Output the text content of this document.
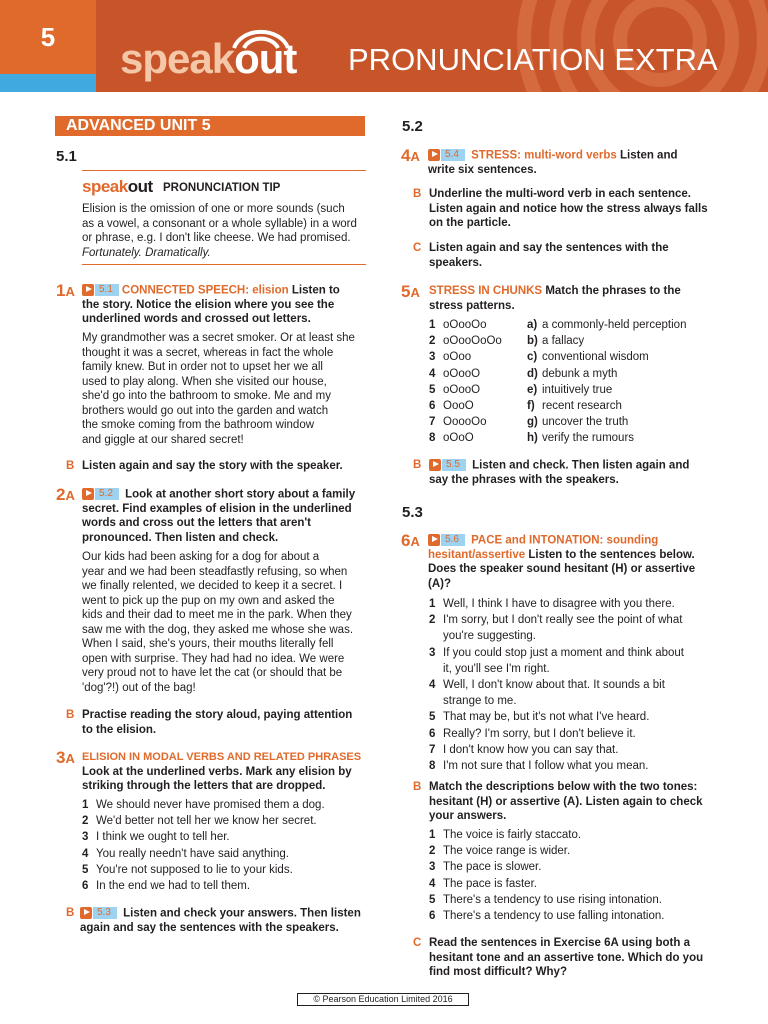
5	speakout PRONUNCIATION EXTRA
ADVANCED UNIT 5
5.1
speakout PRONUNCIATION TIP
Elision is the omission of one or more sounds (such
as a vowel, a consonant or a whole syllable) in a word
or phrase, e.g. I don't like cheese. We had promised.
Fortunately. Dramatically.
1A	5.1 CONNECTED SPEECH: elision Listen to
the story. Notice the elision where you see the
underlined words and crossed out letters.
My grandmother was a secret smoker. Or at least she
thought it was a secret, whereas in fact the whole
family knew. But in order not to upset her we all
used to play along. When she visited our house,
she'd go into the bathroom to smoke. Me and my
brothers would go out into the garden and watch
the smoke coming from the bathroom window
and giggle at our shared secret!
B Listen again and say the story with the speaker.
2A	5.2 Look at another short story about a family
secret. Find examples of elision in the underlined
words and cross out the letters that aren't
pronounced. Then listen and check.
Our kids had been asking for a dog for about a
year and we had been steadfastly refusing, so when
we finally relented, we decided to keep it a secret. I
went to pick up the pup on my own and asked the
kids and their dad to meet me in the park. When they
saw me with the dog, they asked me whose she was.
When I said, she's yours, their mouths literally fell
open with surprise. They had had no idea. We were
very proud not to have let the cat (or should that be
'dog'?!) out of the bag!
B Practise reading the story aloud, paying attention
to the elision.
3A ELISION IN MODAL VERBS AND RELATED PHRASES
Look at the underlined verbs. Mark any elision by
striking through the letters that are dropped.
1 We should never have promised them a dog.
2 We'd better not tell her we know her secret.
3 I think we ought to tell her.
4 You really needn't have said anything.
5 You're not supposed to lie to your kids.
6 In the end we had to tell them.
B	5.3 Listen and check your answers. Then listen
again and say the sentences with the speakers.
5.2
4A	5.4 STRESS: multi-word verbs Listen and
write six sentences.
B Underline the multi-word verb in each sentence.
Listen again and notice how the stress always falls
on the particle.
C Listen again and say the sentences with the
speakers.
5A STRESS IN CHUNKS Match the phrases to the
stress patterns.
1 oOooOo	a) a commonly-held perception
2 oOooOoOo b) a fallacy
3 oOoo	c) conventional wisdom
4 oOooO	d) debunk a myth
5 oOooO	e) intuitively true
6 OooO	f) recent research
7 OoooOo	g) uncover the truth
8 oOoO	h) verify the rumours
B	5.5 Listen and check. Then listen again and
say the phrases with the speakers.
5.3
6A	5.6 PACE and INTONATION: sounding
hesitant/assertive Listen to the sentences below.
Does the speaker sound hesitant (H) or assertive
(A)?
1 Well, I think I have to disagree with you there.
2 I'm sorry, but I don't really see the point of what
you're suggesting.
3 If you could stop just a moment and think about
it, you'll see I'm right.
4 Well, I don't know about that. It sounds a bit
strange to me.
5 That may be, but it's not what I've heard.
6 Really? I'm sorry, but I don't believe it.
7 I don't know how you can say that.
8 I'm not sure that I follow what you mean.
B Match the descriptions below with the two tones:
hesitant (H) or assertive (A). Listen again to check
your answers.
1 The voice is fairly staccato.
2 The voice range is wider.
3 The pace is slower.
4 The pace is faster.
5 There's a tendency to use rising intonation.
6 There's a tendency to use falling intonation.
C Read the sentences in Exercise 6A using both a
hesitant tone and an assertive tone. Which do you
find most difficult? Why?
© Pearson Education Limited 2016
